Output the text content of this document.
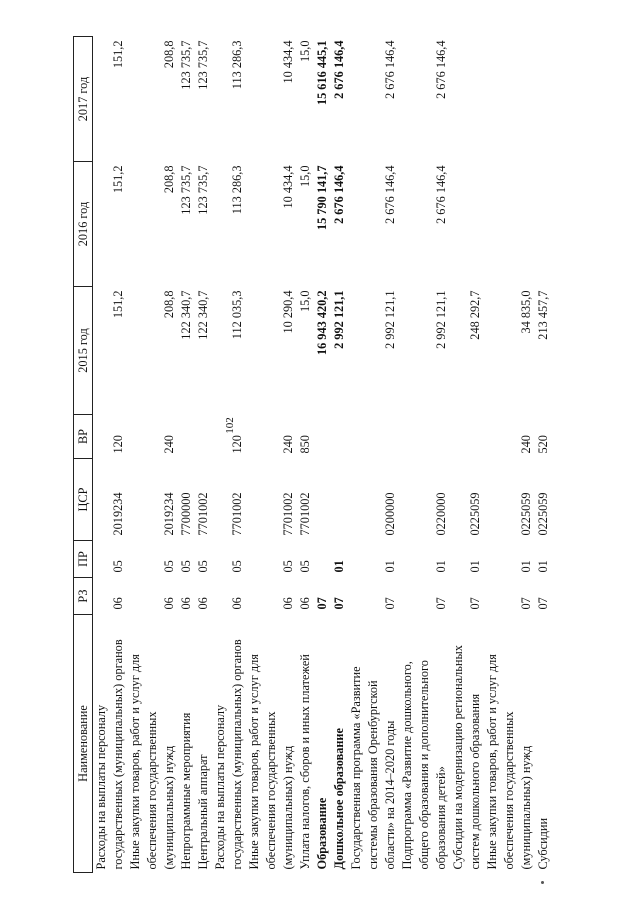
102
Наименование	РЗ	ПР	ЦСР	ВР	2015 год	2016 год	2017 год
Расходы на выплаты персоналу							
государственных (муниципальных) органов	06	05	2019234	120	151,2	151,2	151,2
Иные закупки товаров, работ и услуг для							
обеспечения государственных							
(муниципальных) нужд	06	05	2019234	240	208,8	208,8	208,8
Непрограммные мероприятия	06	05	7700000		122 340,7	123 735,7	123 735,7
Центральный аппарат	06	05	7701002		122 340,7	123 735,7	123 735,7
Расходы на выплаты персоналу							
государственных (муниципальных) органов	06	05	7701002	120	112 035,3	113 286,3	113 286,3
Иные закупки товаров, работ и услуг для							
обеспечения государственных							
(муниципальных) нужд	06	05	7701002	240	10 290,4	10 434,4	10 434,4
Уплата налогов, сборов и иных платежей	06	05	7701002	850	15,0	15,0	15,0
Образование	07				16 943 420,2	15 790 141,7	15 616 445,1
Дошкольное образование	07	01			2 992 121,1	2 676 146,4	2 676 146,4
Государственная программа «Развитие							
системы образования Оренбургской							
области» на 2014–2020 годы	07	01	0200000		2 992 121,1	2 676 146,4	2 676 146,4
Подпрограмма «Развитие дошкольного,							
общего образования и дополнительного							
образования детей»	07	01	0220000		2 992 121,1	2 676 146,4	2 676 146,4
Субсидии на модернизацию региональных							
систем дошкольного образования	07	01	0225059		248 292,7		
Иные закупки товаров, работ и услуг для							
обеспечения государственных							
(муниципальных) нужд	07	01	0225059	240	34 835,0		
Субсидии	07	01	0225059	520	213 457,7		
